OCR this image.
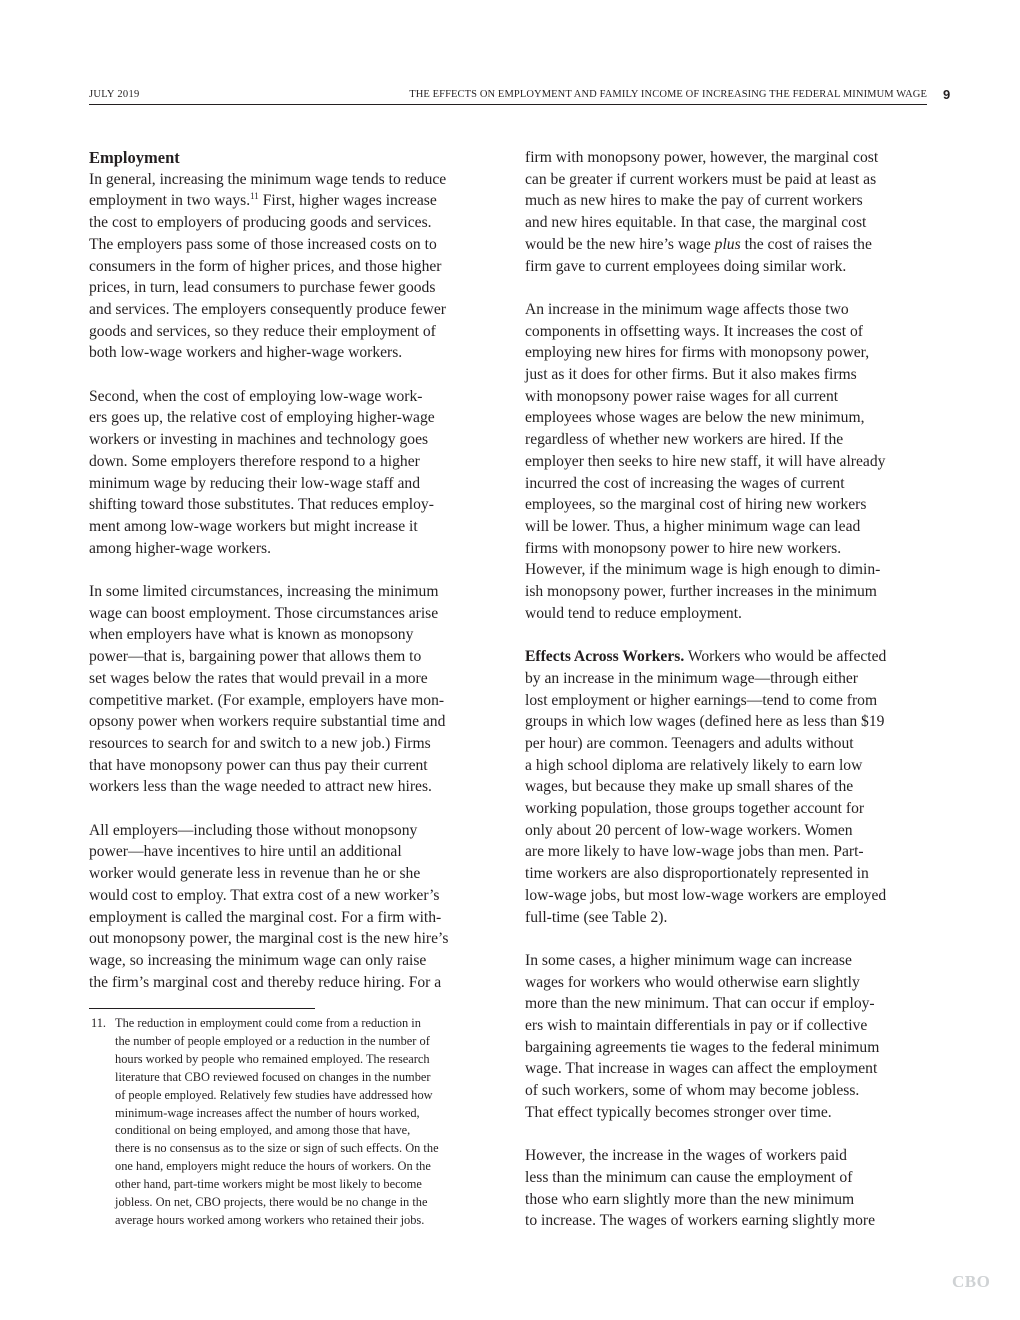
JULY 2019	THE EFFECTS ON EMPLOYMENT AND FAMILY INCOME OF INCREASING THE FEDERAL MINIMUM WAGE 9
Employment

In general, increasing the minimum wage tends to reduce
employment in two ways.$^{11}$ First, higher wages increase
the cost to employers of producing goods and services.
The employers pass some of those increased costs on to
consumers in the form of higher prices, and those higher
prices, in turn, lead consumers to purchase fewer goods
and services. The employers consequently produce fewer
goods and services, so they reduce their employment of
both low-wage workers and higher-wage workers.

Second, when the cost of employing low-wage work-
ers goes up, the relative cost of employing higher-wage
workers or investing in machines and technology goes
down. Some employers therefore respond to a higher
minimum wage by reducing their low-wage staff and
shifting toward those substitutes. That reduces employ-
ment among low-wage workers but might increase it
among higher-wage workers.

In some limited circumstances, increasing the minimum
wage can boost employment. Those circumstances arise
when employers have what is known as monopsony
power—that is, bargaining power that allows them to
set wages below the rates that would prevail in a more
competitive market. (For example, employers have mon-
opsony power when workers require substantial time and
resources to search for and switch to a new job.) Firms
that have monopsony power can thus pay their current
workers less than the wage needed to attract new hires.

All employers—including those without monopsony
power—have incentives to hire until an additional
worker would generate less in revenue than he or she
would cost to employ. That extra cost of a new worker’s
employment is called the marginal cost. For a firm with-
out monopsony power, the marginal cost is the new hire’s
wage, so increasing the minimum wage can only raise
the firm’s marginal cost and thereby reduce hiring. For a

11. The reduction in employment could come from a reduction in
the number of people employed or a reduction in the number of
hours worked by people who remained employed. The research
literature that CBO reviewed focused on changes in the number
of people employed. Relatively few studies have addressed how
minimum-wage increases affect the number of hours worked,
conditional on being employed, and among those that have,
there is no consensus as to the size or sign of such effects. On the
one hand, employers might reduce the hours of workers. On the
other hand, part-time workers might be most likely to become
jobless. On net, CBO projects, there would be no change in the
average hours worked among workers who retained their jobs.

firm with monopsony power, however, the marginal cost
can be greater if current workers must be paid at least as
much as new hires to make the pay of current workers
and new hires equitable. In that case, the marginal cost
would be the new hire’s wage plus the cost of raises the
firm gave to current employees doing similar work.

An increase in the minimum wage affects those two
components in offsetting ways. It increases the cost of
employing new hires for firms with monopsony power,
just as it does for other firms. But it also makes firms
with monopsony power raise wages for all current
employees whose wages are below the new minimum,
regardless of whether new workers are hired. If the
employer then seeks to hire new staff, it will have already
incurred the cost of increasing the wages of current
employees, so the marginal cost of hiring new workers
will be lower. Thus, a higher minimum wage can lead
firms with monopsony power to hire new workers.
However, if the minimum wage is high enough to dimin-
ish monopsony power, further increases in the minimum
would tend to reduce employment.

Effects Across Workers. Workers who would be affected
by an increase in the minimum wage—through either
lost employment or higher earnings—tend to come from
groups in which low wages (defined here as less than $19
per hour) are common. Teenagers and adults without
a high school diploma are relatively likely to earn low
wages, but because they make up small shares of the
working population, those groups together account for
only about 20 percent of low-wage workers. Women
are more likely to have low-wage jobs than men. Part-
time workers are also disproportionately represented in
low-wage jobs, but most low-wage workers are employed
full-time (see Table 2).

In some cases, a higher minimum wage can increase
wages for workers who would otherwise earn slightly
more than the new minimum. That can occur if employ-
ers wish to maintain differentials in pay or if collective
bargaining agreements tie wages to the federal minimum
wage. That increase in wages can affect the employment
of such workers, some of whom may become jobless.
That effect typically becomes stronger over time.

However, the increase in the wages of workers paid
less than the minimum can cause the employment of
those who earn slightly more than the new minimum
to increase. The wages of workers earning slightly more

CBO
